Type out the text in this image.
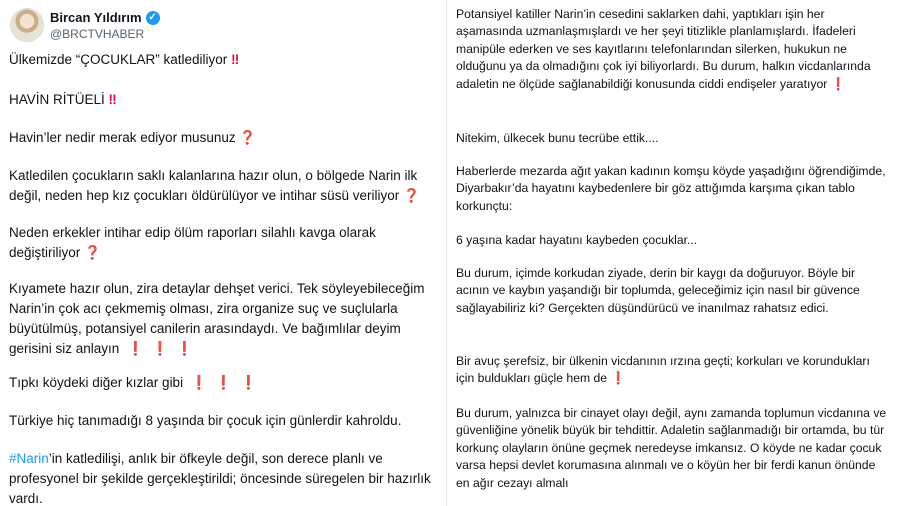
Bircan Yıldırım ✓
@BRCTVHABER
Ülkemizde “ÇOCUKLAR” katlediliyor ‼
HAVİN RİTÜELİ ‼
Havin’ler nedir merak ediyor musunuz ❓
Katledilen çocukların saklı kalanlarına hazır olun, o bölgede Narin ilk değil, neden hep kız çocukları öldürülüyor ve intihar süsü veriliyor ❓
Neden erkekler intihar edip ölüm raporları silahlı kavga olarak değiştiriliyor ❓
Kıyamete hazır olun, zira detaylar dehşet verici. Tek söyleyebileceğim Narin’in çok acı çekmemiş olması, zira organize suç ve suçlularla büyütülmüş, potansiyel canilerin arasındaydı. Ve bağımlılar deyim gerisini siz anlayın ❗ ❗ ❗
Tıpkı köydeki diğer kızlar gibi ❗ ❗ ❗
Türkiye hiç tanımadığı 8 yaşında bir çocuk için günlerdir kahroldu.
#Narin’in katledilişi, anlık bir öfkeyle değil, son derece planlı ve profesyonel bir şekilde gerçekleştirildi; öncesinde süregelen bir hazırlık vardı.
Potansiyel katiller Narin’in cesedini saklarken dahi, yaptıkları işin her aşamasında uzmanlaşmışlardı ve her şeyi titizlikle planlamışlardı. İfadeleri manipüle ederken ve ses kayıtlarını telefonlarından silerken, hukukun ne olduğunu ya da olmadığını çok iyi biliyorlardı. Bu durum, halkın vicdanlarında adaletin ne ölçüde sağlanabildiği konusunda ciddi endişeler yaratıyor ❗
Nitekim, ülkecek bunu tecrübe ettik....
Haberlerde mezarda ağıt yakan kadının komşu köyde yaşadığını öğrendiğimde, Diyarbakır’da hayatını kaybedenlere bir göz attığımda karşıma çıkan tablo korkunçtu:
6 yaşına kadar hayatını kaybeden çocuklar...
Bu durum, içimde korkudan ziyade, derin bir kaygı da doğuruyor. Böyle bir acının ve kaybın yaşandığı bir toplumda, geleceğimiz için nasıl bir güvence sağlayabiliriz ki? Gerçekten düşündürücü ve inanılmaz rahatsız edici.
Bir avuç şerefsiz, bir ülkenin vicdanının ırzına geçti; korkuları ve korundukları için buldukları güçle hem de ❗
Bu durum, yalnızca bir cinayet olayı değil, aynı zamanda toplumun vicdanına ve güvenliğine yönelik büyük bir tehdittir. Adaletin sağlanmadığı bir ortamda, bu tür korkunç olayların önüne geçmek neredeyse imkansız. O köyde ne kadar çocuk varsa hepsi devlet korumasına alınmalı ve o köyün her bir ferdi kanun önünde en ağır cezayı almalı
